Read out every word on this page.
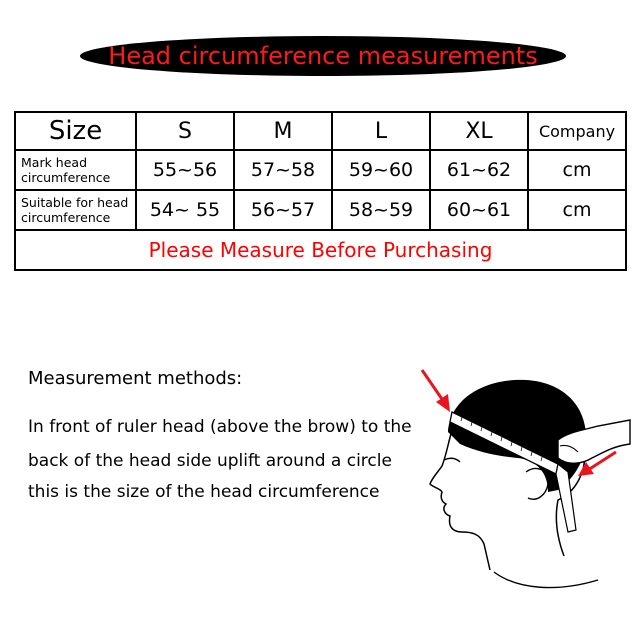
Head circumference measurements
Size	S	M	L	XL	Company
Mark head circumference	55~56	57~58	59~60	61~62	cm
Suitable for head circumference	54~ 55	56~57	58~59	60~61	cm
Please Measure Before Purchasing					
Measurement methods:
In front of ruler head (above the brow) to the
back of the head side uplift around a circle
this is the size of the head circumference
